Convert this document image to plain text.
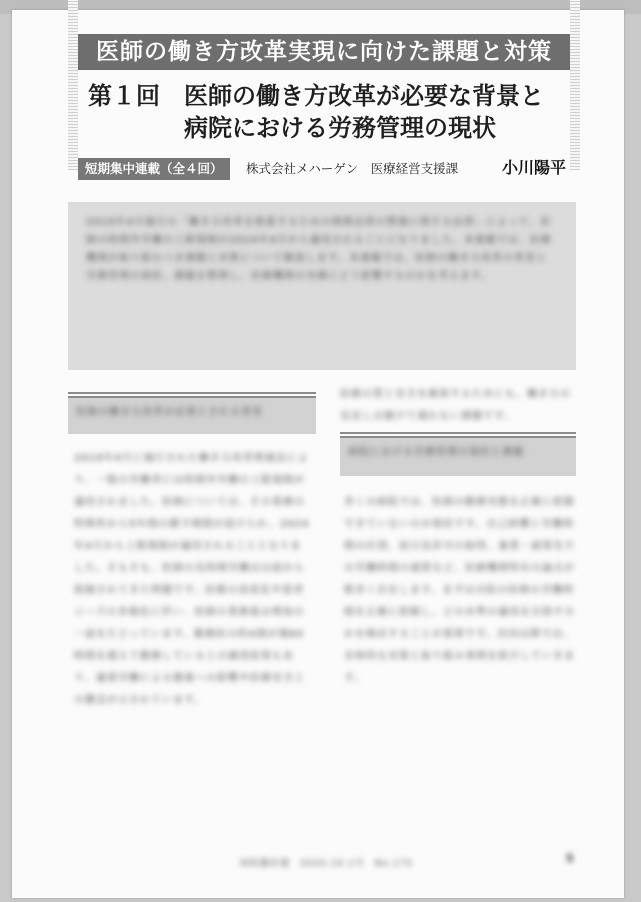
医師の働き方改革実現に向けた課題と対策
第１回 医師の働き方改革が必要な背景と
病院における労務管理の現状
短期集中連載（全４回）	株式会社メハーゲン　医療経営支援課	小川陽平
2019年4月施行の「働き方改革を推進するための関係法律の整備に関する法律」によって、医師の時間外労働の上限規制が2024年4月から適用されることになりました。本連載では、医療機関が取り組むべき課題と対策について解説します。本連載では、医師の働き方改革の背景と労務管理の現状、課題を整理し、医療機関の実務にどう影響するのかを考えます。
医師の働き方改革が必要とされる背景
2019年4月に施行された働き方改革関連法により、一般の労働者には時間外労働の上限規制が適用されました。医師については、その業務の特殊性から5年間の猶予期間が設けられ、2024年4月から上限規制が適用されることとなりました。そもそも、医師の長時間労働は以前から指摘されてきた問題です。医療の高度化や患者ニーズの多様化に伴い、医師の業務量は増加の一途をたどっています。勤務医の約4割が週60時間を超えて勤務しているとの調査結果もあり、過重労働による健康への影響や医療安全上の懸念が示されています。
医療の質と安全を確保するためにも、働き方の見直しは避けて通れない課題です。
病院における労務管理の現状と課題
多くの病院では、医師の勤務実態を正確に把握できていないのが現状です。自己研鑽と労働時間の区別、宿日直許可の取得、兼業・副業先での労働時間の通算など、医療機関特有の論点が数多く存在します。まずは自院の医師の労働時間を正確に把握し、どの水準の適用を目指すのかを検討することが重要です。次回以降では、具体的な対策と取り組み事例を紹介していきます。
病院羅針盤　2020.10.1号　No.175	5
